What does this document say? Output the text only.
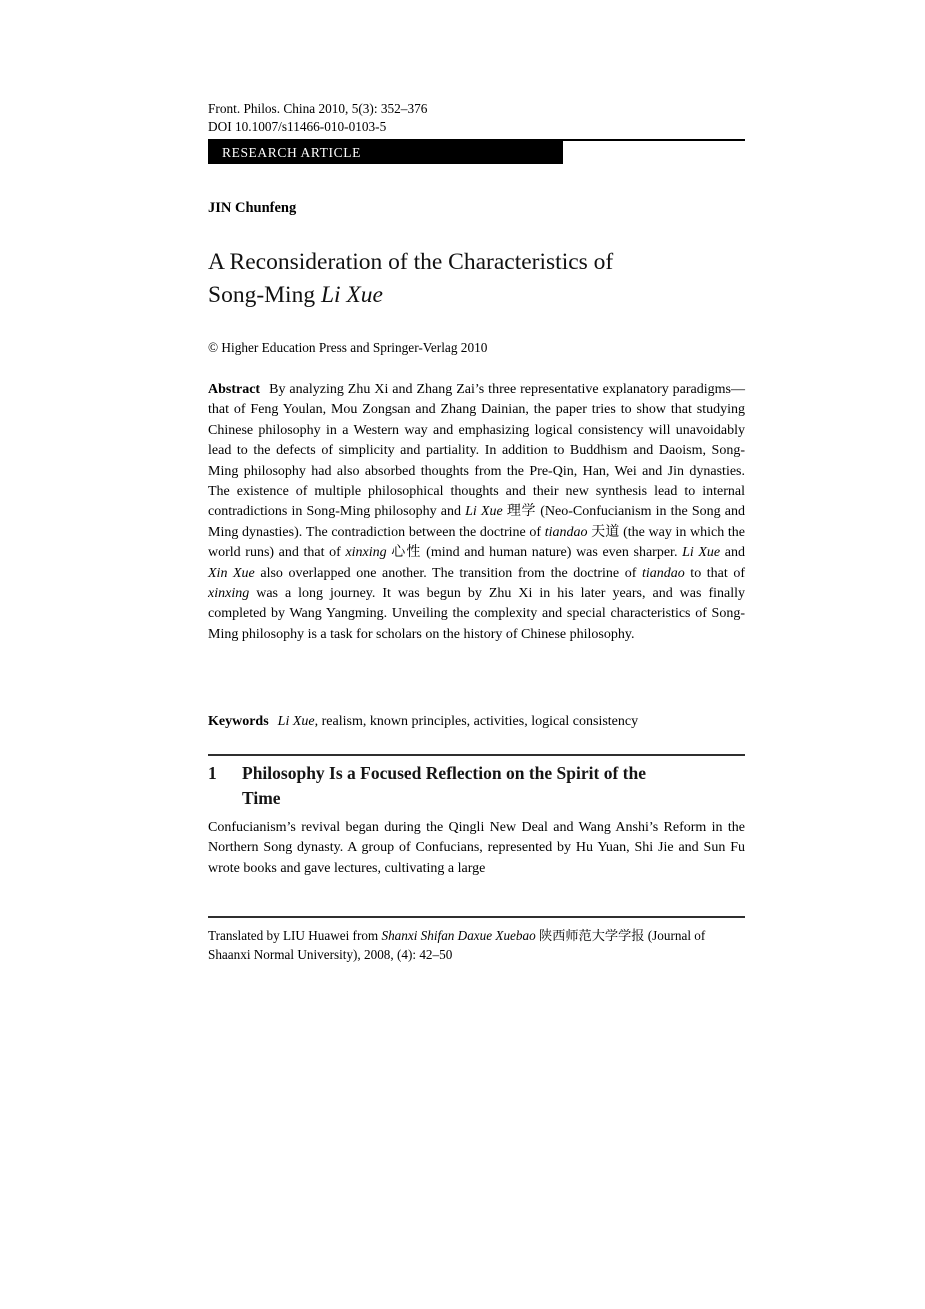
Front. Philos. China 2010, 5(3): 352–376
DOI 10.1007/s11466-010-0103-5
RESEARCH ARTICLE
JIN Chunfeng
A Reconsideration of the Characteristics of
Song-Ming Li Xue
© Higher Education Press and Springer-Verlag 2010

Abstract By analyzing Zhu Xi and Zhang Zai’s three representative explanatory paradigms—that of Feng Youlan, Mou Zongsan and Zhang Dainian, the paper tries to show that studying Chinese philosophy in a Western way and emphasizing logical consistency will unavoidably lead to the defects of simplicity and partiality. In addition to Buddhism and Daoism, Song-Ming philosophy had also absorbed thoughts from the Pre-Qin, Han, Wei and Jin dynasties. The existence of multiple philosophical thoughts and their new synthesis lead to internal contradictions in Song-Ming philosophy and Li Xue 理学 (Neo-Confucianism in the Song and Ming dynasties). The contradiction between the doctrine of tiandao 天道 (the way in which the world runs) and that of xinxing 心性 (mind and human nature) was even sharper. Li Xue and Xin Xue also overlapped one another. The transition from the doctrine of tiandao to that of xinxing was a long journey. It was begun by Zhu Xi in his later years, and was finally completed by Wang Yangming. Unveiling the complexity and special characteristics of Song-Ming philosophy is a task for scholars on the history of Chinese philosophy.

Keywords Li Xue, realism, known principles, activities, logical consistency

1	Philosophy Is a Focused Reflection on the Spirit of the
Time

Confucianism’s revival began during the Qingli New Deal and Wang Anshi’s Reform in the Northern Song dynasty. A group of Confucians, represented by Hu Yuan, Shi Jie and Sun Fu wrote books and gave lectures, cultivating a large

Translated by LIU Huawei from Shanxi Shifan Daxue Xuebao 陕西师范大学学报 (Journal of
Shaanxi Normal University), 2008, (4): 42–50
